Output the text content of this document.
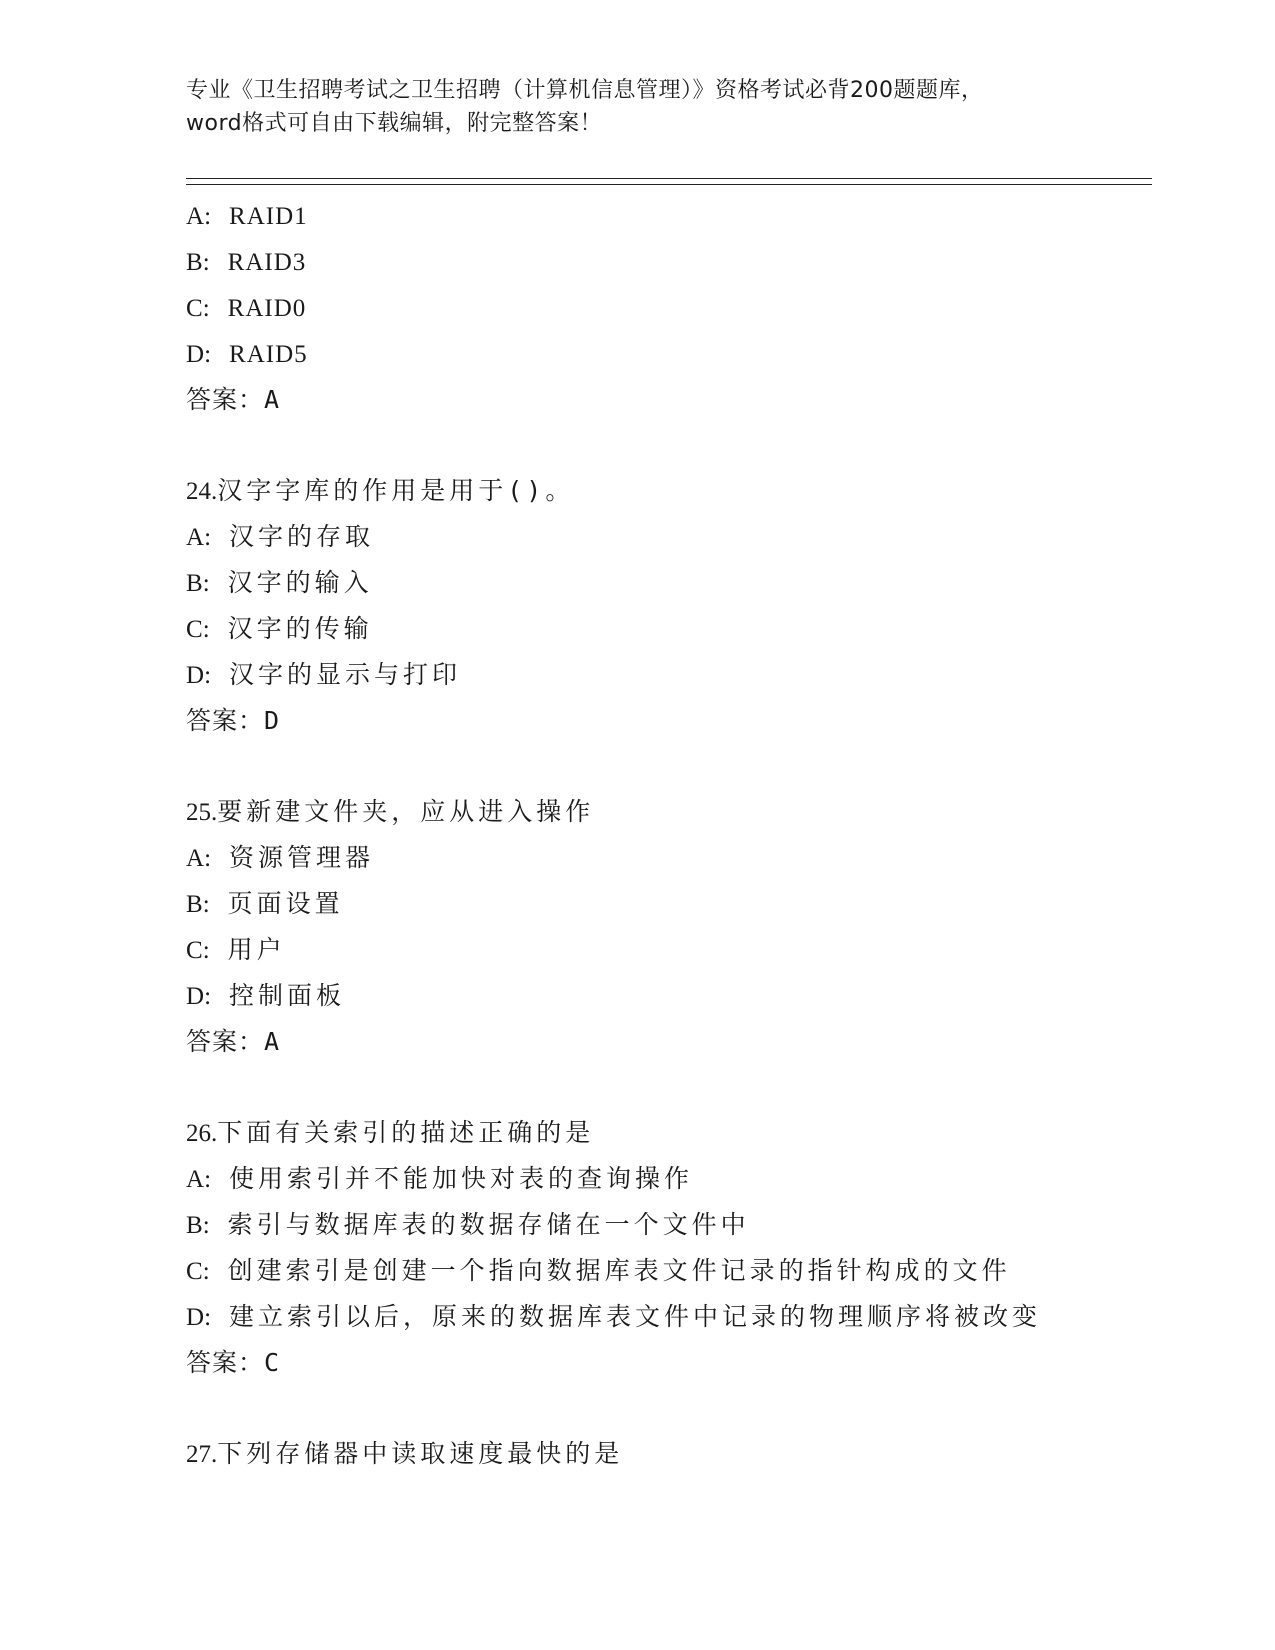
专业《卫生招聘考试之卫生招聘（计算机信息管理）》资格考试必背200题题库，
word格式可自由下载编辑，附完整答案！
A: RAID1
B: RAID3
C: RAID0
D: RAID5
答案：A
24.汉字字库的作用是用于()。
A: 汉字的存取
B: 汉字的输入
C: 汉字的传输
D: 汉字的显示与打印
答案：D
25.要新建文件夹，应从进入操作
A: 资源管理器
B: 页面设置
C: 用户
D: 控制面板
答案：A
26.下面有关索引的描述正确的是
A: 使用索引并不能加快对表的查询操作
B: 索引与数据库表的数据存储在一个文件中
C: 创建索引是创建一个指向数据库表文件记录的指针构成的文件
D: 建立索引以后，原来的数据库表文件中记录的物理顺序将被改变
答案：C
27.下列存储器中读取速度最快的是
